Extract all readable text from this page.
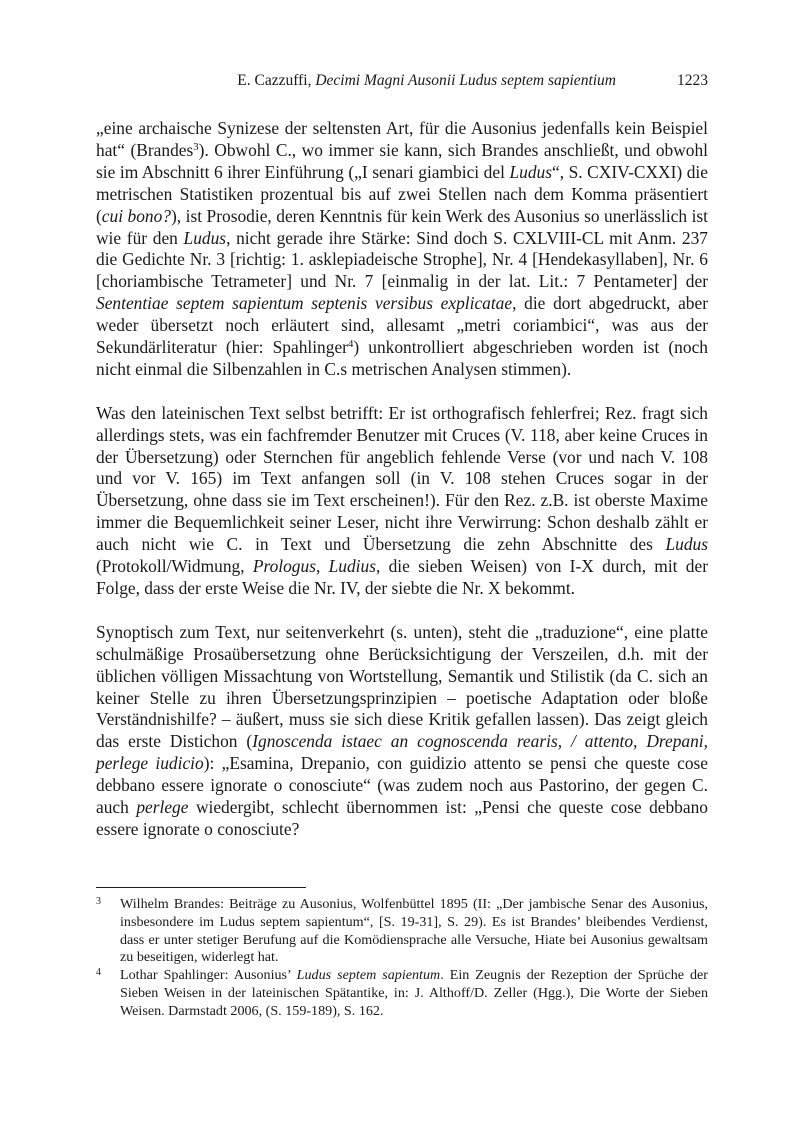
E. Cazzuffi, Decimi Magni Ausonii Ludus septem sapientium	1223

„eine archaische Synizese der seltensten Art, für die Ausonius jedenfalls kein Beispiel hat“ (Brandes$^3$). Obwohl C., wo immer sie kann, sich Brandes anschließt, und obwohl sie im Abschnitt 6 ihrer Einführung („I senari giambici del Ludus“, S. CXIV-CXXI) die metrischen Statistiken prozentual bis auf zwei Stellen nach dem Komma präsentiert (cui bono?), ist Prosodie, deren Kenntnis für kein Werk des Ausonius so unerlässlich ist wie für den Ludus, nicht gerade ihre Stärke: Sind doch S. CXLVIII-CL mit Anm. 237 die Gedichte Nr. 3 [richtig: 1. asklepiadeische Strophe], Nr. 4 [Hendekasyllaben], Nr. 6 [choriambische Tetrameter] und Nr. 7 [einmalig in der lat. Lit.: 7 Pentameter] der Sententiae septem sapientum septenis versibus explicatae, die dort abgedruckt, aber weder übersetzt noch erläutert sind, allesamt „metri coriambici“, was aus der Sekundärliteratur (hier: Spahlinger$^4$) unkontrolliert abgeschrieben worden ist (noch nicht einmal die Silbenzahlen in C.s metrischen Analysen stimmen).

Was den lateinischen Text selbst betrifft: Er ist orthografisch fehlerfrei; Rez. fragt sich allerdings stets, was ein fachfremder Benutzer mit Cruces (V. 118, aber keine Cruces in der Übersetzung) oder Sternchen für angeblich fehlende Verse (vor und nach V. 108 und vor V. 165) im Text anfangen soll (in V. 108 stehen Cruces sogar in der Übersetzung, ohne dass sie im Text erscheinen!). Für den Rez. z.B. ist oberste Maxime immer die Bequemlichkeit seiner Leser, nicht ihre Verwirrung: Schon deshalb zählt er auch nicht wie C. in Text und Übersetzung die zehn Abschnitte des Ludus (Protokoll/Widmung, Prologus, Ludius, die sieben Weisen) von I-X durch, mit der Folge, dass der erste Weise die Nr. IV, der siebte die Nr. X bekommt.

Synoptisch zum Text, nur seitenverkehrt (s. unten), steht die „traduzione“, eine platte schulmäßige Prosaübersetzung ohne Berücksichtigung der Verszeilen, d.h. mit der üblichen völligen Missachtung von Wortstellung, Semantik und Stilistik (da C. sich an keiner Stelle zu ihren Übersetzungsprinzipien – poetische Adaptation oder bloße Verständnishilfe? – äußert, muss sie sich diese Kritik gefallen lassen). Das zeigt gleich das erste Distichon (Ignoscenda istaec an cognoscenda rearis, / attento, Drepani, perlege iudicio): „Esamina, Drepanio, con guidizio attento se pensi che queste cose debbano essere ignorate o conosciute“ (was zudem noch aus Pastorino, der gegen C. auch perlege wiedergibt, schlecht übernommen ist: „Pensi che queste cose debbano essere ignorate o conosciute?

3 Wilhelm Brandes: Beiträge zu Ausonius, Wolfenbüttel 1895 (II: „Der jambische Senar des Ausonius, insbesondere im Ludus septem sapientum“, [S. 19-31], S. 29). Es ist Brandes’ bleibendes Verdienst, dass er unter stetiger Berufung auf die Komödiensprache alle Versuche, Hiate bei Ausonius gewaltsam zu beseitigen, widerlegt hat.
4 Lothar Spahlinger: Ausonius’ Ludus septem sapientum. Ein Zeugnis der Rezeption der Sprüche der Sieben Weisen in der lateinischen Spätantike, in: J. Althoff/D. Zeller (Hgg.), Die Worte der Sieben Weisen. Darmstadt 2006, (S. 159-189), S. 162.
